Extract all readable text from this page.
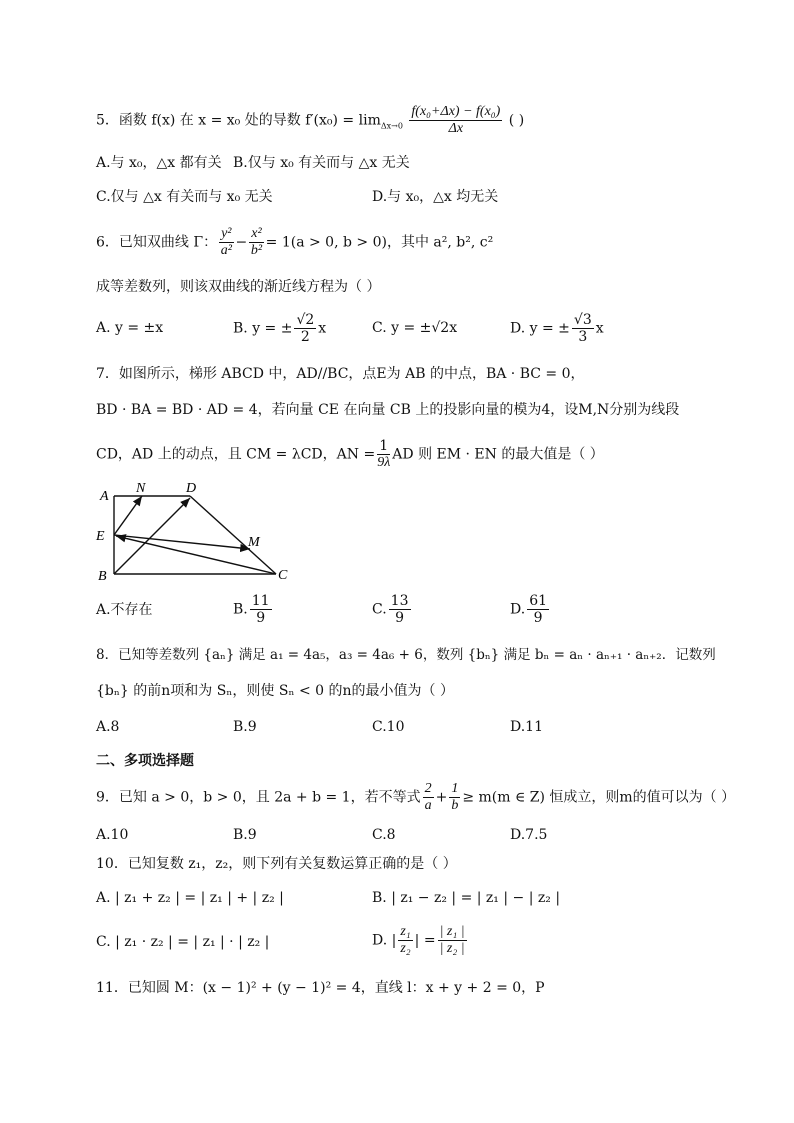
5．函数 f(x) 在 x = x₀ 处的导数 $f'(x_0) = \lim_{\Delta x\to 0} \frac{\text{f(x₀+Δx) − f(x₀)}}{\Delta x}$ ( )
A.与 x₀，△x 都有关 B.仅与 x₀ 有关而与 △x 无关
C.仅与 △x 有关而与 x₀ 无关	D.与 x₀，△x 均无关
6．已知双曲线 Γ： $\frac{\text{y²}}{\text{a²}} - \frac{\text{x²}}{\text{b²}} = 1(a > 0$, b > 0)，其中 a², b², c²
成等差数列，则该双曲线的渐近线方程为（ ）
A. y = ±x	B. y = ± $\frac{√2}{2}$ x	C. y = ±√2x	D. y = ± $\frac{√3}{3}$ x
7．如图所示，梯形 ABCD 中，AD//BC，点E为 AB 的中点，BA · BC = 0，
BD · BA = BD · AD = 4，若向量 CE 在向量 CB 上的投影向量的模为4，设M,N分别为线段
CD，AD 上的动点，且 CM = λCD，AN = $\frac{1}{9\lambda}$ AD 则 EM · EN 的最大值是（ ）
A
N	D
E	M
B	C
A.不存在	B. $\frac{11}{9}$	C. $\frac{13}{9}$	D. $\frac{61}{9}$
8．已知等差数列 {aₙ} 满足 a₁ = 4a₅，a₃ = 4a₆ + 6，数列 {bₙ} 满足 bₙ = aₙ · aₙ₊₁ · aₙ₊₂．记数列
{bₙ} 的前n项和为 Sₙ，则使 Sₙ < 0 的n的最小值为（ ）
A.8	B.9	C.10	D.11
二、多项选择题
9．已知 a > 0，b > 0，且 2a + b = 1，若不等式 $\frac{2}{a} + \frac{1}{b} \ge m(m$ ∈ Z) 恒成立，则m的值可以为（ ）
A.10	B.9	C.8	D.7.5
10．已知复数 z₁，z₂，则下列有关复数运算正确的是（ ）
A. | z₁ + z₂ | = | z₁ | + | z₂ |	B. | z₁ − z₂ | = | z₁ | − | z₂ |
C. | z₁ · z₂ | = | z₁ | · | z₂ |	D. | $\frac{\text{z₁}}{\text{z₂}}$ | = $\frac{\text{| z₁ |}}{\text{| z₂ |}}$
11．已知圆 M：(x − 1)² + (y − 1)² = 4，直线 l：x + y + 2 = 0，P
